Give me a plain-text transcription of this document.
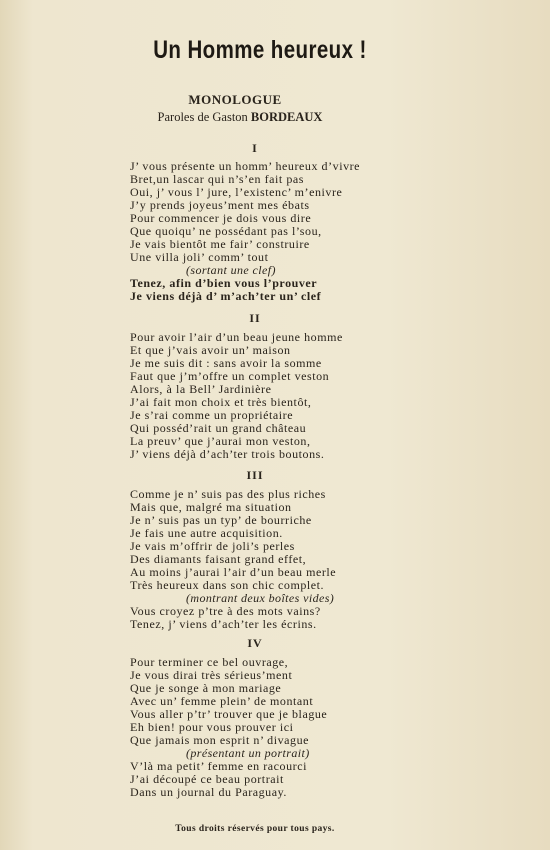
Un Homme heureux !
MONOLOGUE
Paroles de Gaston BORDEAUX
I
J’ vous présente un homm’ heureux d’vivre
Bret,un lascar qui n’s’en fait pas
Oui, j’ vous l’ jure, l’existenc’ m’enivre
J’y prends joyeus’ment mes ébats
Pour commencer je dois vous dire
Que quoiqu’ ne possédant pas l’sou,
Je vais bientôt me fair’ construire
Une villa joli’ comm’ tout
(sortant une clef)
Tenez, afin d’bien vous l’prouver
Je viens déjà d’ m’ach’ter un’ clef
II
Pour avoir l’air d’un beau jeune homme
Et que j’vais avoir un’ maison
Je me suis dit : sans avoir la somme
Faut que j’m’offre un complet veston
Alors, à la Bell’ Jardinière
J’ai fait mon choix et très bientôt,
Je s’rai comme un propriétaire
Qui posséd’rait un grand château
La preuv’ que j’aurai mon veston,
J’ viens déjà d’ach’ter trois boutons.
III
Comme je n’ suis pas des plus riches
Mais que, malgré ma situation
Je n’ suis pas un typ’ de bourriche
Je fais une autre acquisition.
Je vais m’offrir de joli’s perles
Des diamants faisant grand effet,
Au moins j’aurai l’air d’un beau merle
Très heureux dans son chic complet.
(montrant deux boîtes vides)
Vous croyez p’tre à des mots vains?
Tenez, j’ viens d’ach’ter les écrins.
IV
Pour terminer ce bel ouvrage,
Je vous dirai très sérieus’ment
Que je songe à mon mariage
Avec un’ femme plein’ de montant
Vous aller p’tr’ trouver que je blague
Eh bien! pour vous prouver ici
Que jamais mon esprit n’ divague
(présentant un portrait)
V’là ma petit’ femme en racourci
J’ai découpé ce beau portrait
Dans un journal du Paraguay.
Tous droits réservés pour tous pays.
